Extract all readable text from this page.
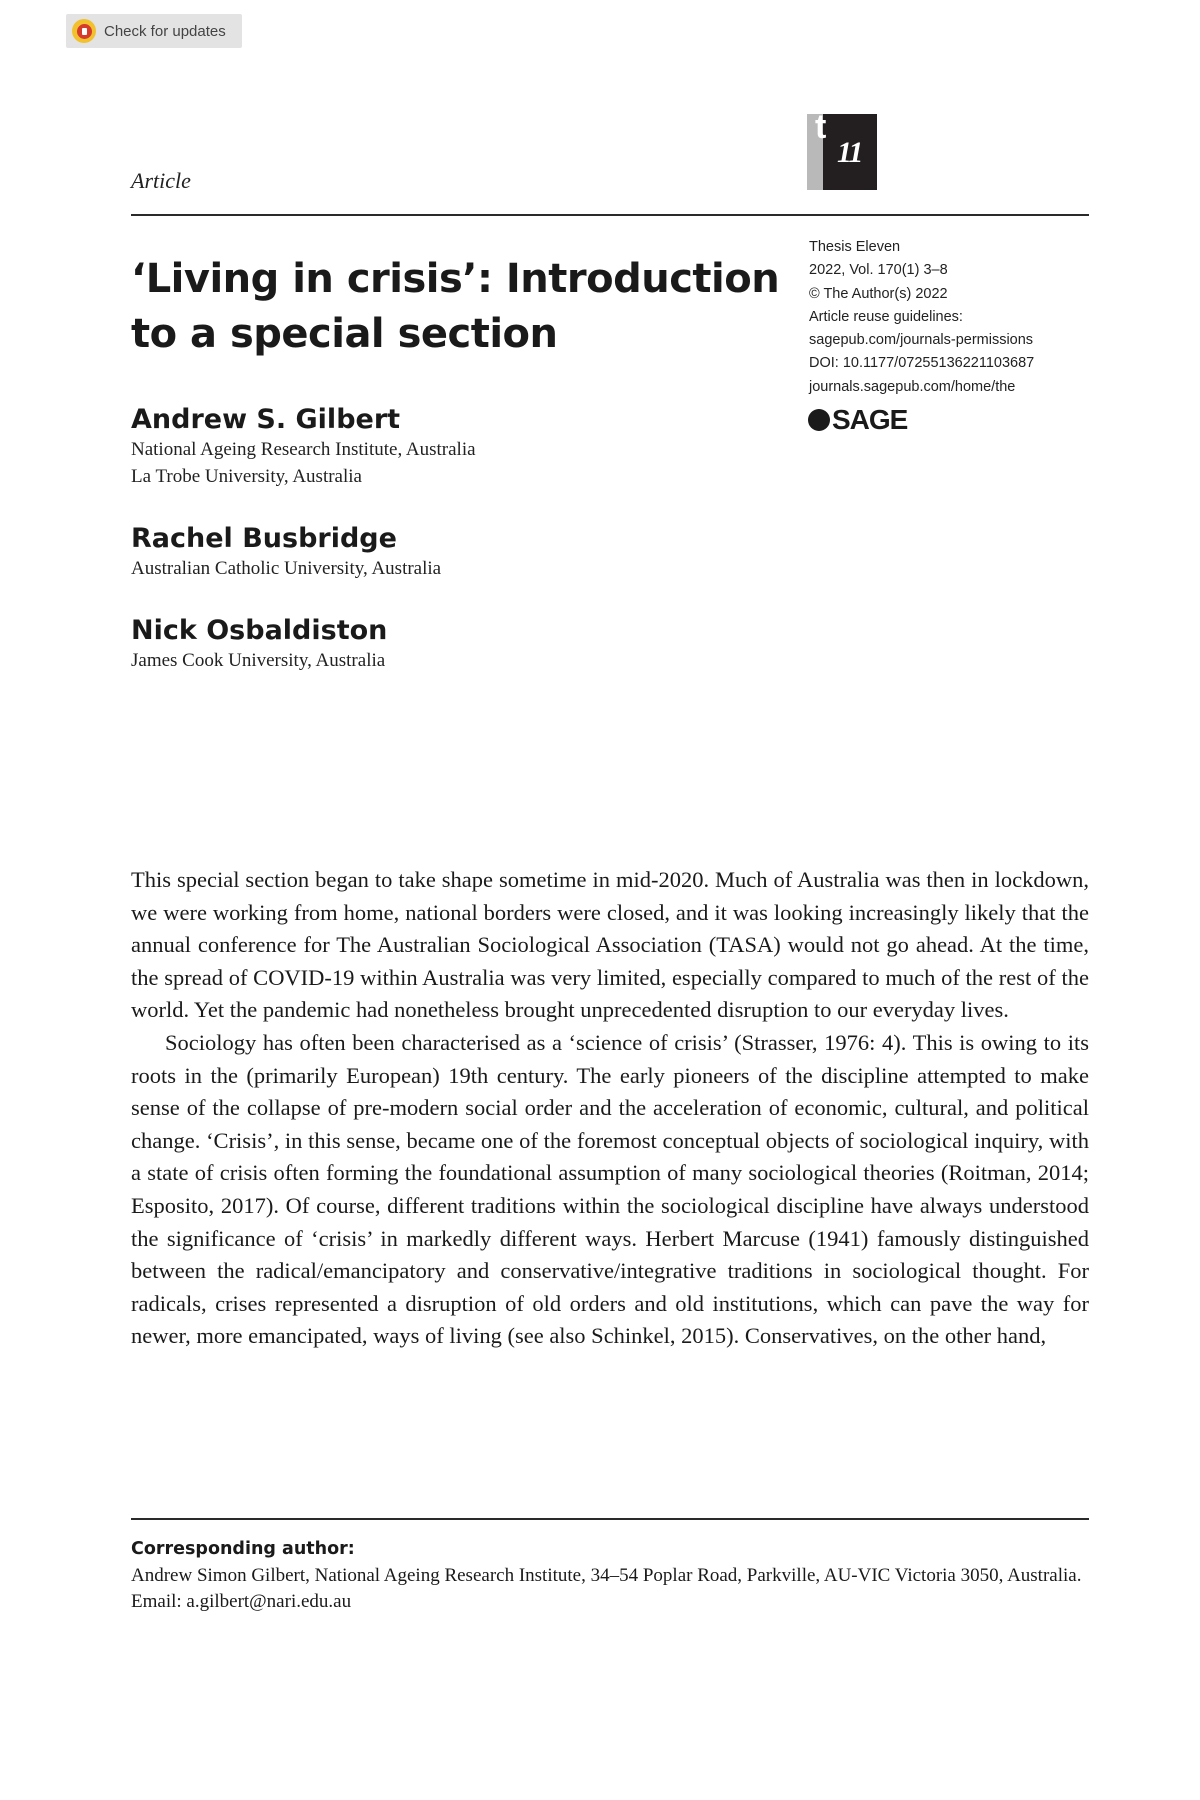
Check for updates
Article
t
11
‘Living in crisis’: Introduction to a special section
Thesis Eleven
2022, Vol. 170(1) 3–8
© The Author(s) 2022
Article reuse guidelines:
sagepub.com/journals-permissions
DOI: 10.1177/07255136221103687
journals.sagepub.com/home/the
SAGE
Andrew S. Gilbert
National Ageing Research Institute, Australia
La Trobe University, Australia
Rachel Busbridge
Australian Catholic University, Australia
Nick Osbaldiston
James Cook University, Australia

This special section began to take shape sometime in mid-2020. Much of Australia was then in lockdown, we were working from home, national borders were closed, and it was looking increasingly likely that the annual conference for The Australian Sociological Association (TASA) would not go ahead. At the time, the spread of COVID-19 within Australia was very limited, especially compared to much of the rest of the world. Yet the pandemic had nonetheless brought unprecedented disruption to our everyday lives.

Sociology has often been characterised as a ‘science of crisis’ (Strasser, 1976: 4). This is owing to its roots in the (primarily European) 19th century. The early pioneers of the discipline attempted to make sense of the collapse of pre-modern social order and the acceleration of economic, cultural, and political change. ‘Crisis’, in this sense, became one of the foremost conceptual objects of sociological inquiry, with a state of crisis often forming the foundational assumption of many sociological theories (Roitman, 2014; Esposito, 2017). Of course, different traditions within the sociological discipline have always understood the significance of ‘crisis’ in markedly different ways. Herbert Marcuse (1941) famously distinguished between the radical/emancipatory and conservative/integrative traditions in sociological thought. For radicals, crises represented a disruption of old orders and old institutions, which can pave the way for newer, more emancipated, ways of living (see also Schinkel, 2015). Conservatives, on the other hand,

Corresponding author:
Andrew Simon Gilbert, National Ageing Research Institute, 34–54 Poplar Road, Parkville, AU-VIC Victoria 3050, Australia.
Email: a.gilbert@nari.edu.au
